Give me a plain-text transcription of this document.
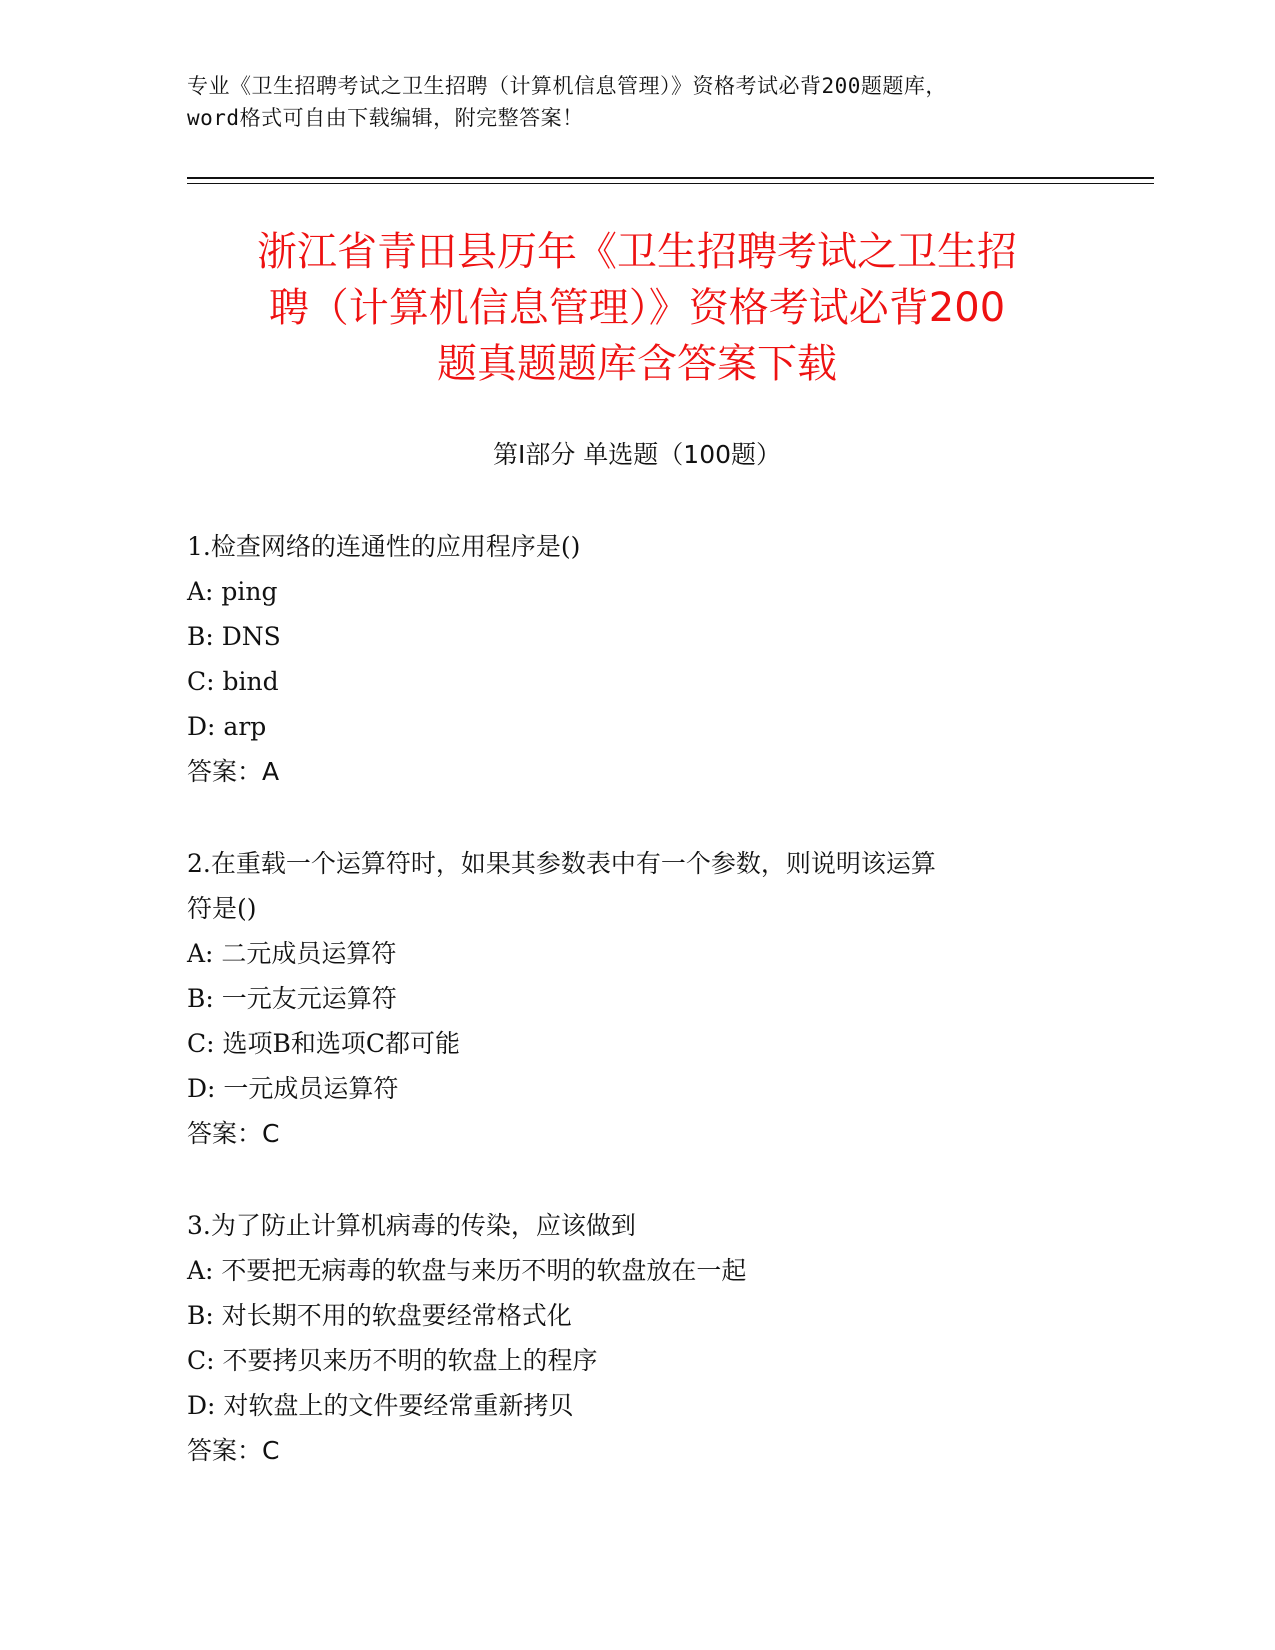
专业《卫生招聘考试之卫生招聘（计算机信息管理）》资格考试必背200题题库，
word格式可自由下载编辑，附完整答案！
浙江省青田县历年《卫生招聘考试之卫生招
聘（计算机信息管理）》资格考试必背200
题真题题库含答案下载
第Ⅰ部分 单选题（100题）
1.检查网络的连通性的应用程序是()
A: ping
B: DNS
C: bind
D: arp
答案：A
2.在重载一个运算符时，如果其参数表中有一个参数，则说明该运算
符是()
A: 二元成员运算符
B: 一元友元运算符
C: 选项B和选项C都可能
D: 一元成员运算符
答案：C
3.为了防止计算机病毒的传染，应该做到
A: 不要把无病毒的软盘与来历不明的软盘放在一起
B: 对长期不用的软盘要经常格式化
C: 不要拷贝来历不明的软盘上的程序
D: 对软盘上的文件要经常重新拷贝
答案：C
